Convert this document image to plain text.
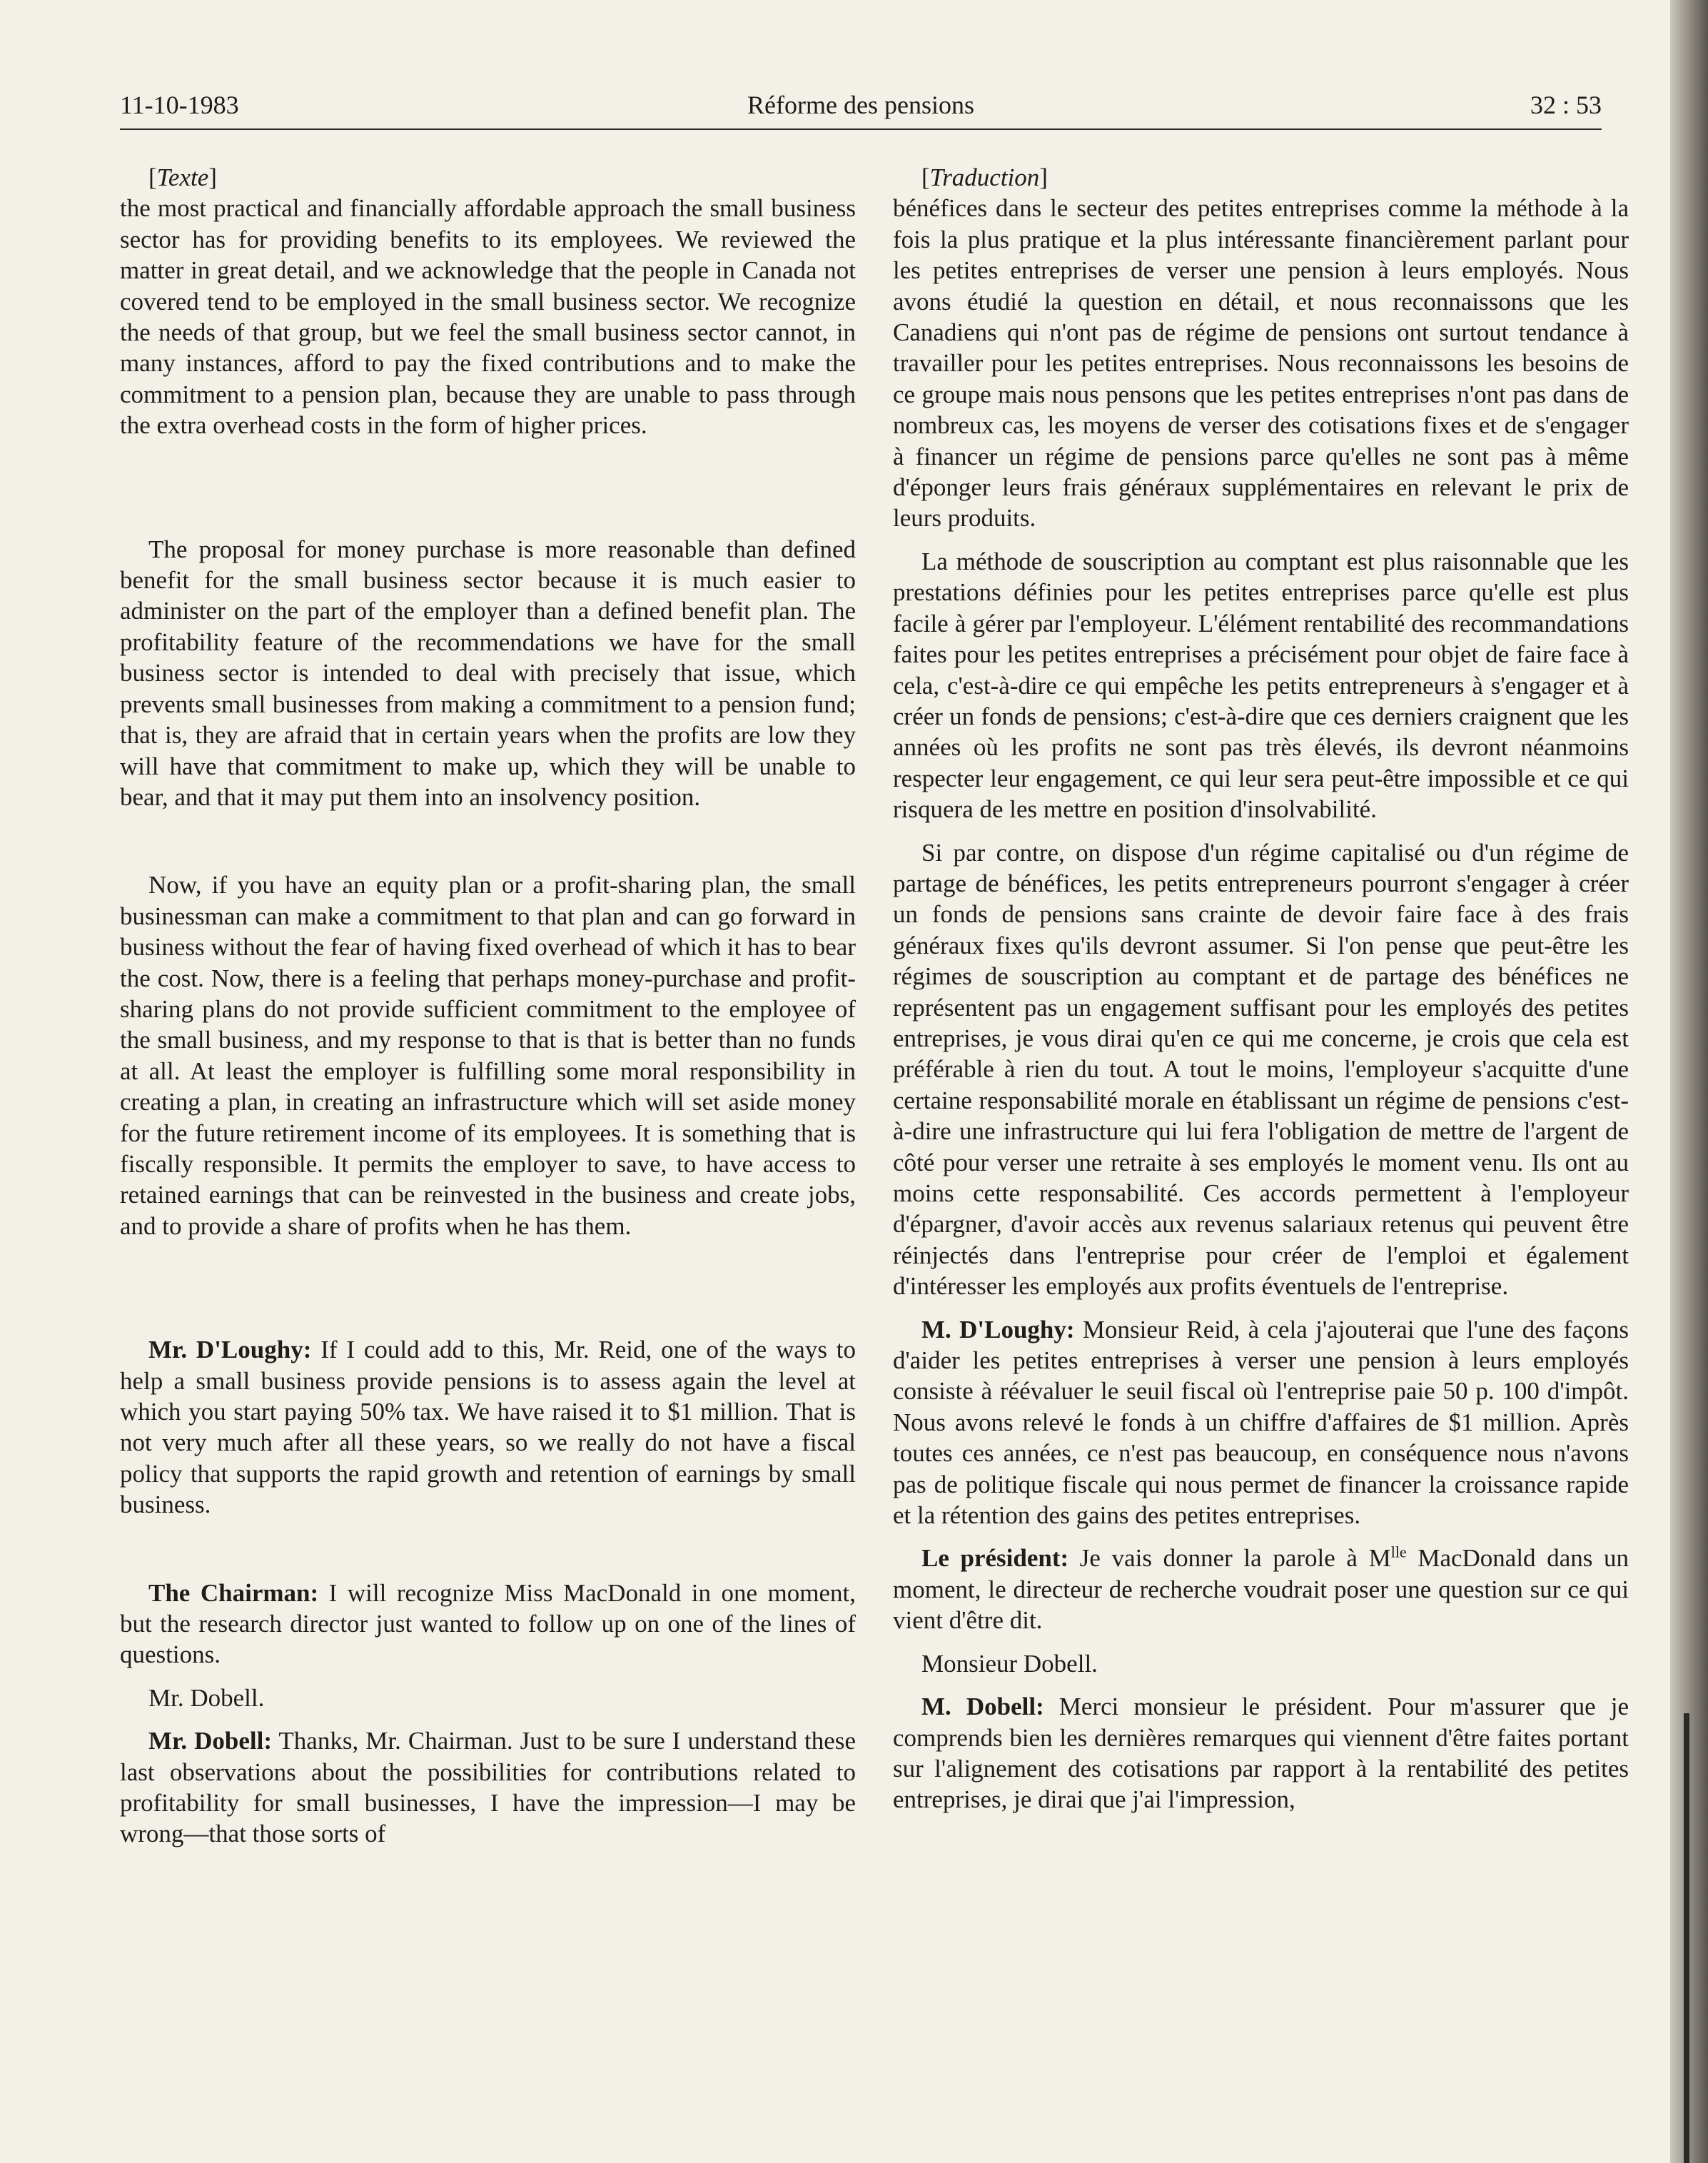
11-10-1983	Réforme des pensions	32 : 53

[Texte]

the most practical and financially affordable approach the small business sector has for providing benefits to its employees. We reviewed the matter in great detail, and we acknowledge that the people in Canada not covered tend to be employed in the small business sector. We recognize the needs of that group, but we feel the small business sector cannot, in many instances, afford to pay the fixed contributions and to make the commitment to a pension plan, because they are unable to pass through the extra overhead costs in the form of higher prices.

The proposal for money purchase is more reasonable than defined benefit for the small business sector because it is much easier to administer on the part of the employer than a defined benefit plan. The profitability feature of the recommendations we have for the small business sector is intended to deal with precisely that issue, which prevents small businesses from making a commitment to a pension fund; that is, they are afraid that in certain years when the profits are low they will have that commitment to make up, which they will be unable to bear, and that it may put them into an insolvency position.

Now, if you have an equity plan or a profit-sharing plan, the small businessman can make a commitment to that plan and can go forward in business without the fear of having fixed overhead of which it has to bear the cost. Now, there is a feeling that perhaps money-purchase and profit-sharing plans do not provide sufficient commitment to the employee of the small business, and my response to that is that is better than no funds at all. At least the employer is fulfilling some moral responsibility in creating a plan, in creating an infrastructure which will set aside money for the future retirement income of its employees. It is something that is fiscally responsible. It permits the employer to save, to have access to retained earnings that can be reinvested in the business and create jobs, and to provide a share of profits when he has them.

Mr. D'Loughy: If I could add to this, Mr. Reid, one of the ways to help a small business provide pensions is to assess again the level at which you start paying 50% tax. We have raised it to $1 million. That is not very much after all these years, so we really do not have a fiscal policy that supports the rapid growth and retention of earnings by small business.

The Chairman: I will recognize Miss MacDonald in one moment, but the research director just wanted to follow up on one of the lines of questions.

Mr. Dobell.

Mr. Dobell: Thanks, Mr. Chairman. Just to be sure I understand these last observations about the possibilities for contributions related to profitability for small businesses, I have the impression—I may be wrong—that those sorts of

[Traduction]

bénéfices dans le secteur des petites entreprises comme la méthode à la fois la plus pratique et la plus intéressante financièrement parlant pour les petites entreprises de verser une pension à leurs employés. Nous avons étudié la question en détail, et nous reconnaissons que les Canadiens qui n'ont pas de régime de pensions ont surtout tendance à travailler pour les petites entreprises. Nous reconnaissons les besoins de ce groupe mais nous pensons que les petites entreprises n'ont pas dans de nombreux cas, les moyens de verser des cotisations fixes et de s'engager à financer un régime de pensions parce qu'elles ne sont pas à même d'éponger leurs frais généraux supplémentaires en relevant le prix de leurs produits.

La méthode de souscription au comptant est plus raisonnable que les prestations définies pour les petites entreprises parce qu'elle est plus facile à gérer par l'employeur. L'élément rentabilité des recommandations faites pour les petites entreprises a précisément pour objet de faire face à cela, c'est-à-dire ce qui empêche les petits entrepreneurs à s'engager et à créer un fonds de pensions; c'est-à-dire que ces derniers craignent que les années où les profits ne sont pas très élevés, ils devront néanmoins respecter leur engagement, ce qui leur sera peut-être impossible et ce qui risquera de les mettre en position d'insolvabilité.

Si par contre, on dispose d'un régime capitalisé ou d'un régime de partage de bénéfices, les petits entrepreneurs pourront s'engager à créer un fonds de pensions sans crainte de devoir faire face à des frais généraux fixes qu'ils devront assumer. Si l'on pense que peut-être les régimes de souscription au comptant et de partage des bénéfices ne représentent pas un engagement suffisant pour les employés des petites entreprises, je vous dirai qu'en ce qui me concerne, je crois que cela est préférable à rien du tout. A tout le moins, l'employeur s'acquitte d'une certaine responsabilité morale en établissant un régime de pensions c'est-à-dire une infrastructure qui lui fera l'obligation de mettre de l'argent de côté pour verser une retraite à ses employés le moment venu. Ils ont au moins cette responsabilité. Ces accords permettent à l'employeur d'épargner, d'avoir accès aux revenus salariaux retenus qui peuvent être réinjectés dans l'entreprise pour créer de l'emploi et également d'intéresser les employés aux profits éventuels de l'entreprise.

M. D'Loughy: Monsieur Reid, à cela j'ajouterai que l'une des façons d'aider les petites entreprises à verser une pension à leurs employés consiste à réévaluer le seuil fiscal où l'entreprise paie 50 p. 100 d'impôt. Nous avons relevé le fonds à un chiffre d'affaires de $1 million. Après toutes ces années, ce n'est pas beaucoup, en conséquence nous n'avons pas de politique fiscale qui nous permet de financer la croissance rapide et la rétention des gains des petites entreprises.

Le président: Je vais donner la parole à $M^{lle}$ MacDonald dans un moment, le directeur de recherche voudrait poser une question sur ce qui vient d'être dit.

Monsieur Dobell.

M. Dobell: Merci monsieur le président. Pour m'assurer que je comprends bien les dernières remarques qui viennent d'être faites portant sur l'alignement des cotisations par rapport à la rentabilité des petites entreprises, je dirai que j'ai l'impression,
